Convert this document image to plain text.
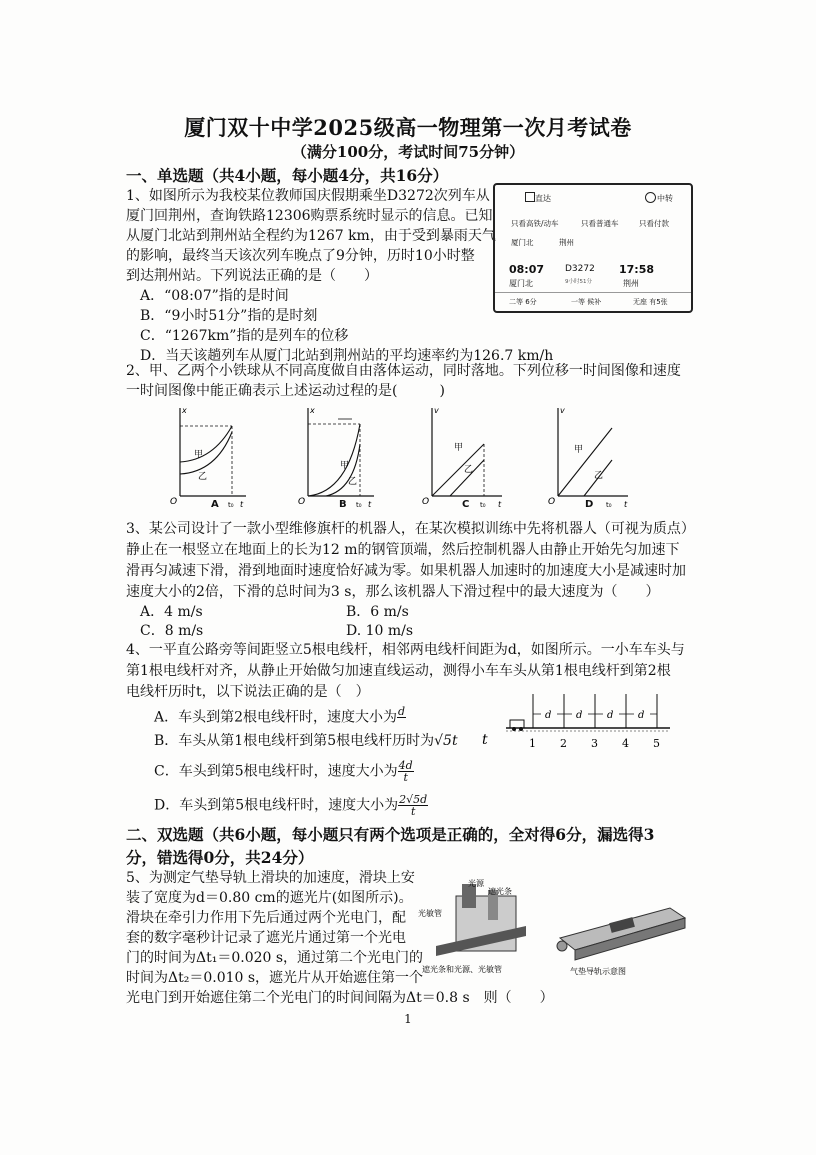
厦门双十中学2025级高一物理第一次月考试卷
（满分100分，考试时间75分钟）
一、单选题（共4小题，每小题4分，共16分）
1、如图所示为我校某位教师国庆假期乘坐D3272次列车从
厦门回荆州，查询铁路12306购票系统时显示的信息。已知
从厦门北站到荆州站全程约为1267 km，由于受到暴雨天气
的影响，最终当天该次列车晚点了9分钟，历时10小时整
到达荆州站。下列说法正确的是（　　）
A．“08:07”指的是时间
B．“9小时51分”指的是时刻
C．“1267km”指的是列车的位移
D．当天该趟列车从厦门北站到荆州站的平均速率约为126.7 km/h
直达	中转
只看高铁/动车	只看普通车	只看付款
厦门北	荆州
08:07 D3272 17:58
9小时51分
厦门北	荆州
二等 6分	一等 候补	无座 有5张
2、甲、乙两个小铁球从不同高度做自由落体运动，同时落地。下列位移一时间图像和速度
一时间图像中能正确表示上述运动过程的是(　　　)
x
t
O	t₀
甲
乙
A
x
t
O	t₀
甲
乙
B
v
t
O	t₀
甲
乙
C
v
t
O	t₀
甲
乙
D
3、某公司设计了一款小型维修旗杆的机器人，在某次模拟训练中先将机器人（可视为质点）
静止在一根竖立在地面上的长为12 m的钢管顶端，然后控制机器人由静止开始先匀加速下
滑再匀减速下滑，滑到地面时速度恰好减为零。如果机器人加速时的加速度大小是减速时加
速度大小的2倍，下滑的总时间为3 s，那么该机器人下滑过程中的最大速度为（　　）
A．4 m/s	B．6 m/s
C．8 m/s	D. 10 m/s
4、一平直公路旁等间距竖立5根电线杆，相邻两电线杆间距为d，如图所示。一小车车头与
第1根电线杆对齐，从静止开始做匀加速直线运动，测得小车车头从第1根电线杆到第2根
电线杆历时t，以下说法正确的是（　）
A．车头到第2根电线杆时，速度大小为 d

B．车头从第1根电线杆到第5根电线杆历时为√5t
C．车头到第5根电线杆时，速度大小为 $\frac{4d}{t}$
D．车头到第5根电线杆时，速度大小为 $\frac{2√5d}{t}$
d d d d
1 2 3 4 5
t
二、双选题（共6小题，每小题只有两个选项是正确的，全对得6分，漏选得3
分，错选得0分，共24分）
5、为测定气垫导轨上滑块的加速度，滑块上安
装了宽度为d＝0.80 cm的遮光片(如图所示)。
滑块在牵引力作用下先后通过两个光电门，配
套的数字毫秒计记录了遮光片通过第一个光电
门的时间为Δt₁＝0.020 s，通过第二个光电门的
时间为Δt₂＝0.010 s，遮光片从开始遮住第一个
光电门到开始遮住第二个光电门的时间间隔为Δt＝0.8 s　则（　　）
光源
遮光条
光敏管
遮光条和光源、光敏管	气垫导轨示意图
1
